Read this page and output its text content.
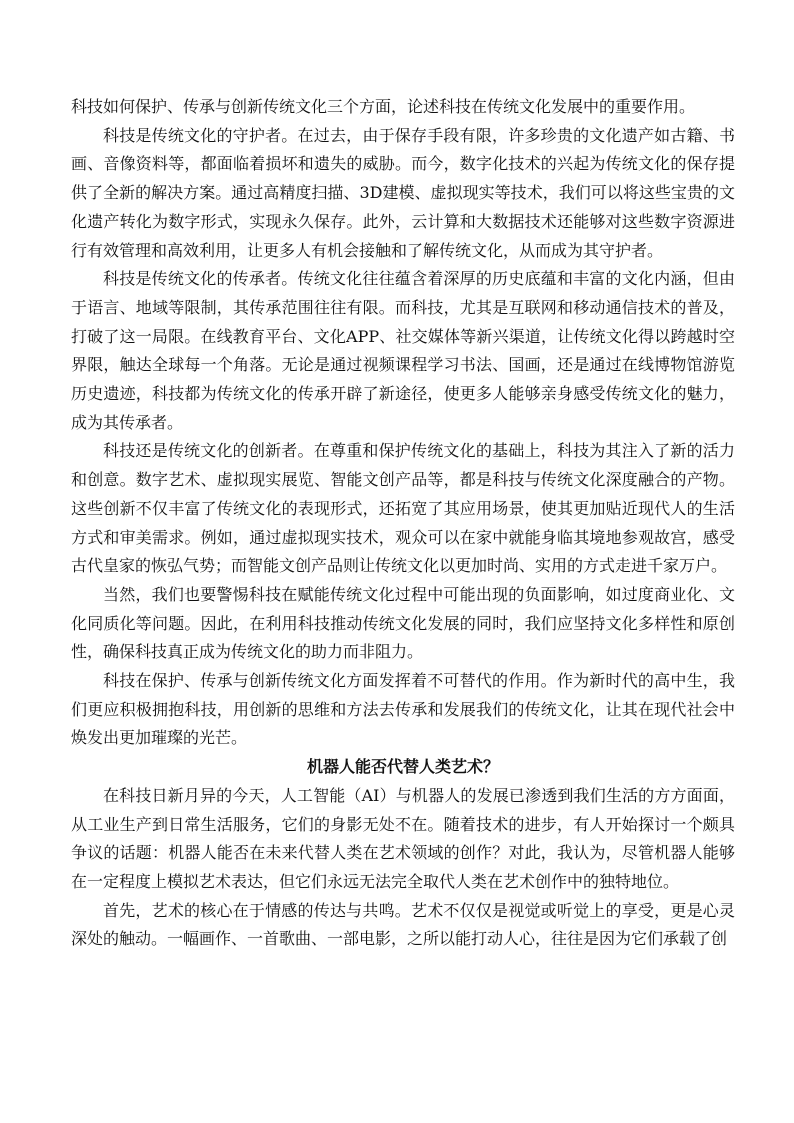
科技如何保护、传承与创新传统文化三个方面，论述科技在传统文化发展中的重要作用。

科技是传统文化的守护者。在过去，由于保存手段有限，许多珍贵的文化遗产如古籍、书画、音像资料等，都面临着损坏和遗失的威胁。而今，数字化技术的兴起为传统文化的保存提供了全新的解决方案。通过高精度扫描、3D建模、虚拟现实等技术，我们可以将这些宝贵的文化遗产转化为数字形式，实现永久保存。此外，云计算和大数据技术还能够对这些数字资源进行有效管理和高效利用，让更多人有机会接触和了解传统文化，从而成为其守护者。

科技是传统文化的传承者。传统文化往往蕴含着深厚的历史底蕴和丰富的文化内涵，但由于语言、地域等限制，其传承范围往往有限。而科技，尤其是互联网和移动通信技术的普及，打破了这一局限。在线教育平台、文化APP、社交媒体等新兴渠道，让传统文化得以跨越时空界限，触达全球每一个角落。无论是通过视频课程学习书法、国画，还是通过在线博物馆游览历史遗迹，科技都为传统文化的传承开辟了新途径，使更多人能够亲身感受传统文化的魅力，成为其传承者。

科技还是传统文化的创新者。在尊重和保护传统文化的基础上，科技为其注入了新的活力和创意。数字艺术、虚拟现实展览、智能文创产品等，都是科技与传统文化深度融合的产物。这些创新不仅丰富了传统文化的表现形式，还拓宽了其应用场景，使其更加贴近现代人的生活方式和审美需求。例如，通过虚拟现实技术，观众可以在家中就能身临其境地参观故宫，感受古代皇家的恢弘气势；而智能文创产品则让传统文化以更加时尚、实用的方式走进千家万户。

当然，我们也要警惕科技在赋能传统文化过程中可能出现的负面影响，如过度商业化、文化同质化等问题。因此，在利用科技推动传统文化发展的同时，我们应坚持文化多样性和原创性，确保科技真正成为传统文化的助力而非阻力。

科技在保护、传承与创新传统文化方面发挥着不可替代的作用。作为新时代的高中生，我们更应积极拥抱科技，用创新的思维和方法去传承和发展我们的传统文化，让其在现代社会中焕发出更加璀璨的光芒。

机器人能否代替人类艺术？

在科技日新月异的今天，人工智能（AI）与机器人的发展已渗透到我们生活的方方面面，从工业生产到日常生活服务，它们的身影无处不在。随着技术的进步，有人开始探讨一个颇具争议的话题：机器人能否在未来代替人类在艺术领域的创作？对此，我认为，尽管机器人能够在一定程度上模拟艺术表达，但它们永远无法完全取代人类在艺术创作中的独特地位。

首先，艺术的核心在于情感的传达与共鸣。艺术不仅仅是视觉或听觉上的享受，更是心灵深处的触动。一幅画作、一首歌曲、一部电影，之所以能打动人心，往往是因为它们承载了创
